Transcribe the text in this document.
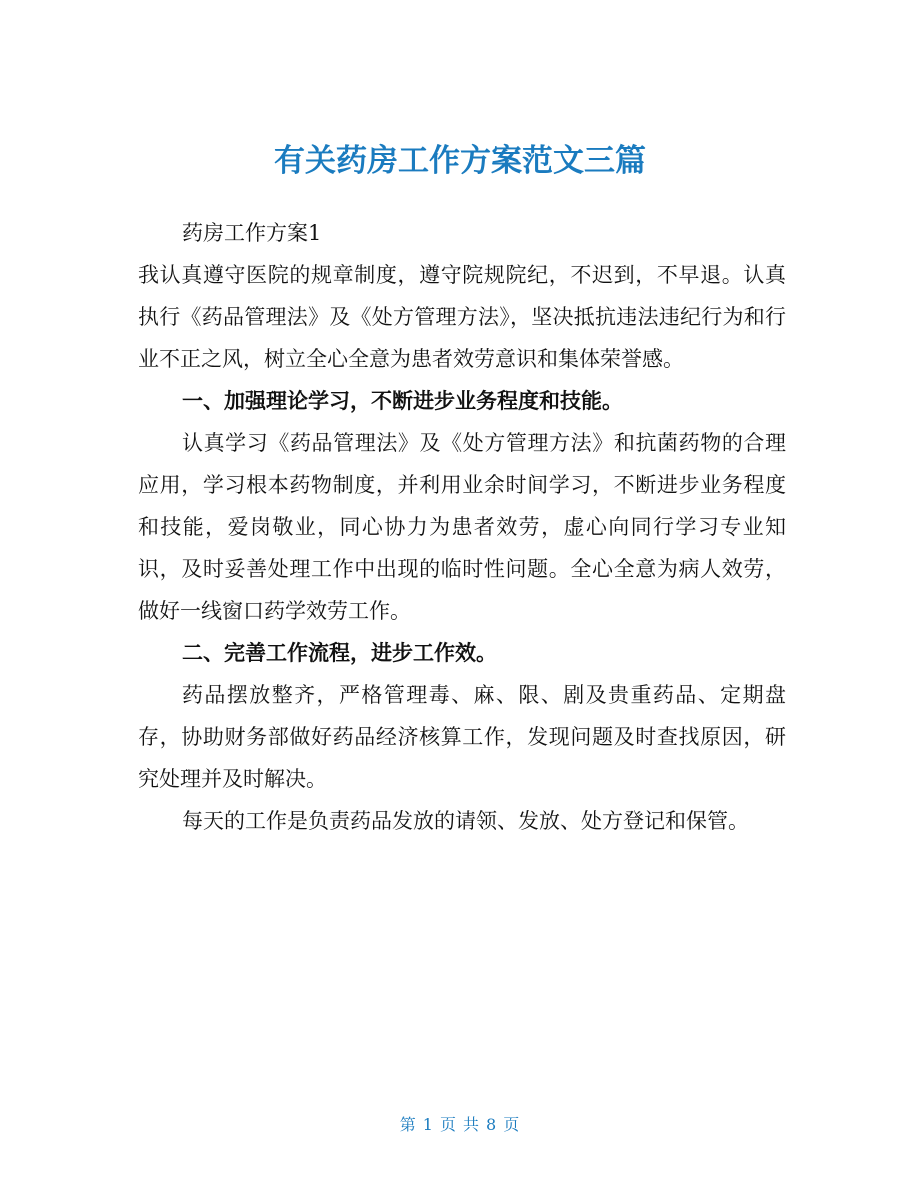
有关药房工作方案范文三篇

药房工作方案1

我认真遵守医院的规章制度，遵守院规院纪，不迟到，不早退。认真执行《药品管理法》及《处方管理方法》，坚决抵抗违法违纪行为和行业不正之风，树立全心全意为患者效劳意识和集体荣誉感。

一、加强理论学习，不断进步业务程度和技能。

认真学习《药品管理法》及《处方管理方法》和抗菌药物的合理应用，学习根本药物制度，并利用业余时间学习，不断进步业务程度和技能，爱岗敬业，同心协力为患者效劳，虚心向同行学习专业知识，及时妥善处理工作中出现的临时性问题。全心全意为病人效劳，做好一线窗口药学效劳工作。

二、完善工作流程，进步工作效。

药品摆放整齐，严格管理毒、麻、限、剧及贵重药品、定期盘存，协助财务部做好药品经济核算工作，发现问题及时查找原因，研究处理并及时解决。

每天的工作是负责药品发放的请领、发放、处方登记和保管。

第 1 页 共 8 页
